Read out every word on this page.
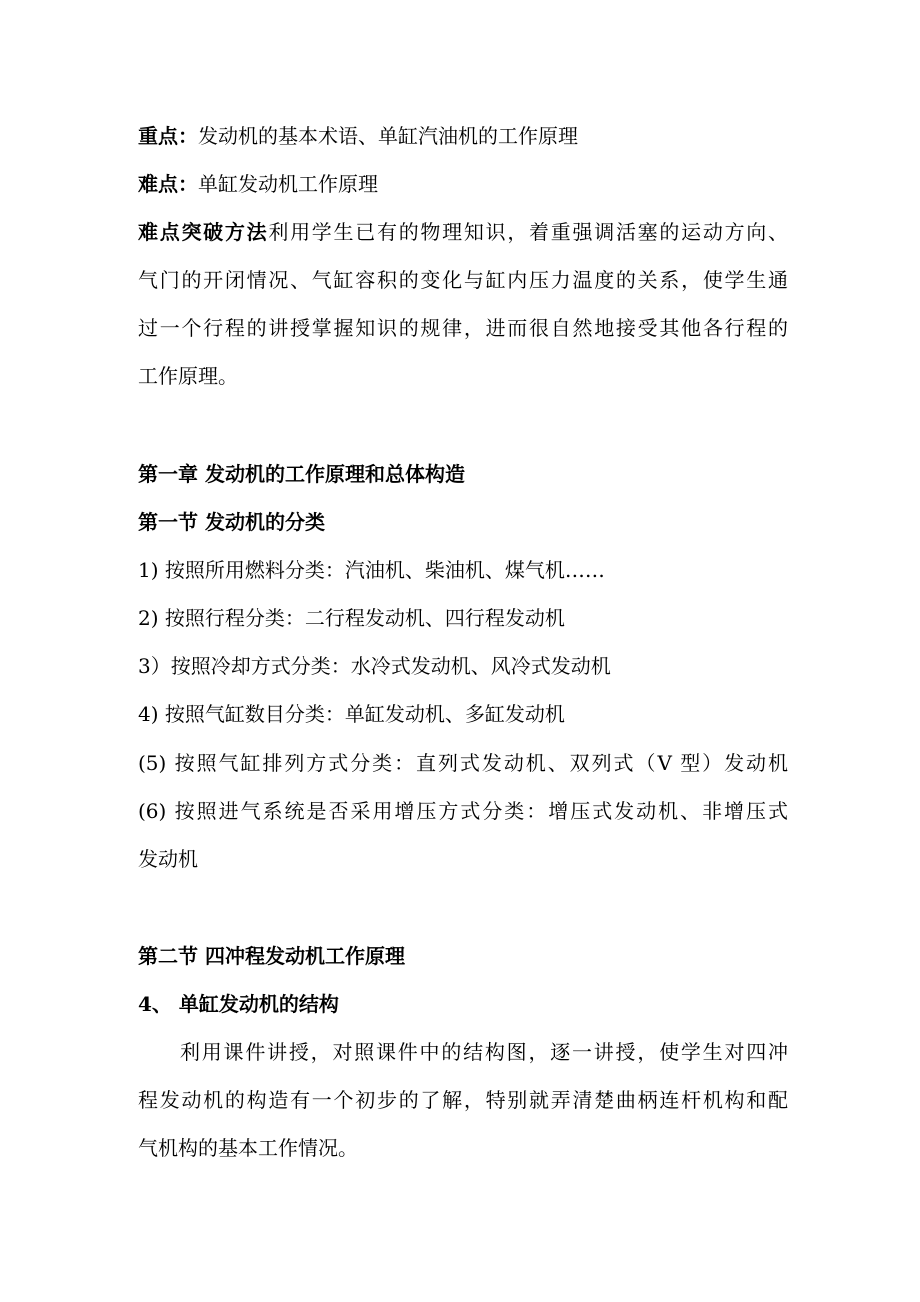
重点：发动机的基本术语、单缸汽油机的工作原理
难点：单缸发动机工作原理
难点突破方法利用学生已有的物理知识，着重强调活塞的运动方向、
气门的开闭情况、气缸容积的变化与缸内压力温度的关系，使学生通
过一个行程的讲授掌握知识的规律，进而很自然地接受其他各行程的
工作原理。
第一章 发动机的工作原理和总体构造
第一节 发动机的分类
1) 按照所用燃料分类：汽油机、柴油机、煤气机……
2) 按照行程分类：二行程发动机、四行程发动机
3）按照冷却方式分类：水冷式发动机、风冷式发动机
4) 按照气缸数目分类：单缸发动机、多缸发动机
(5) 按照气缸排列方式分类：直列式发动机、双列式（V 型）发动机
(6) 按照进气系统是否采用增压方式分类：增压式发动机、非增压式
发动机
第二节 四冲程发动机工作原理
4、 单缸发动机的结构
利用课件讲授，对照课件中的结构图，逐一讲授，使学生对四冲
程发动机的构造有一个初步的了解，特别就弄清楚曲柄连杆机构和配
气机构的基本工作情况。
